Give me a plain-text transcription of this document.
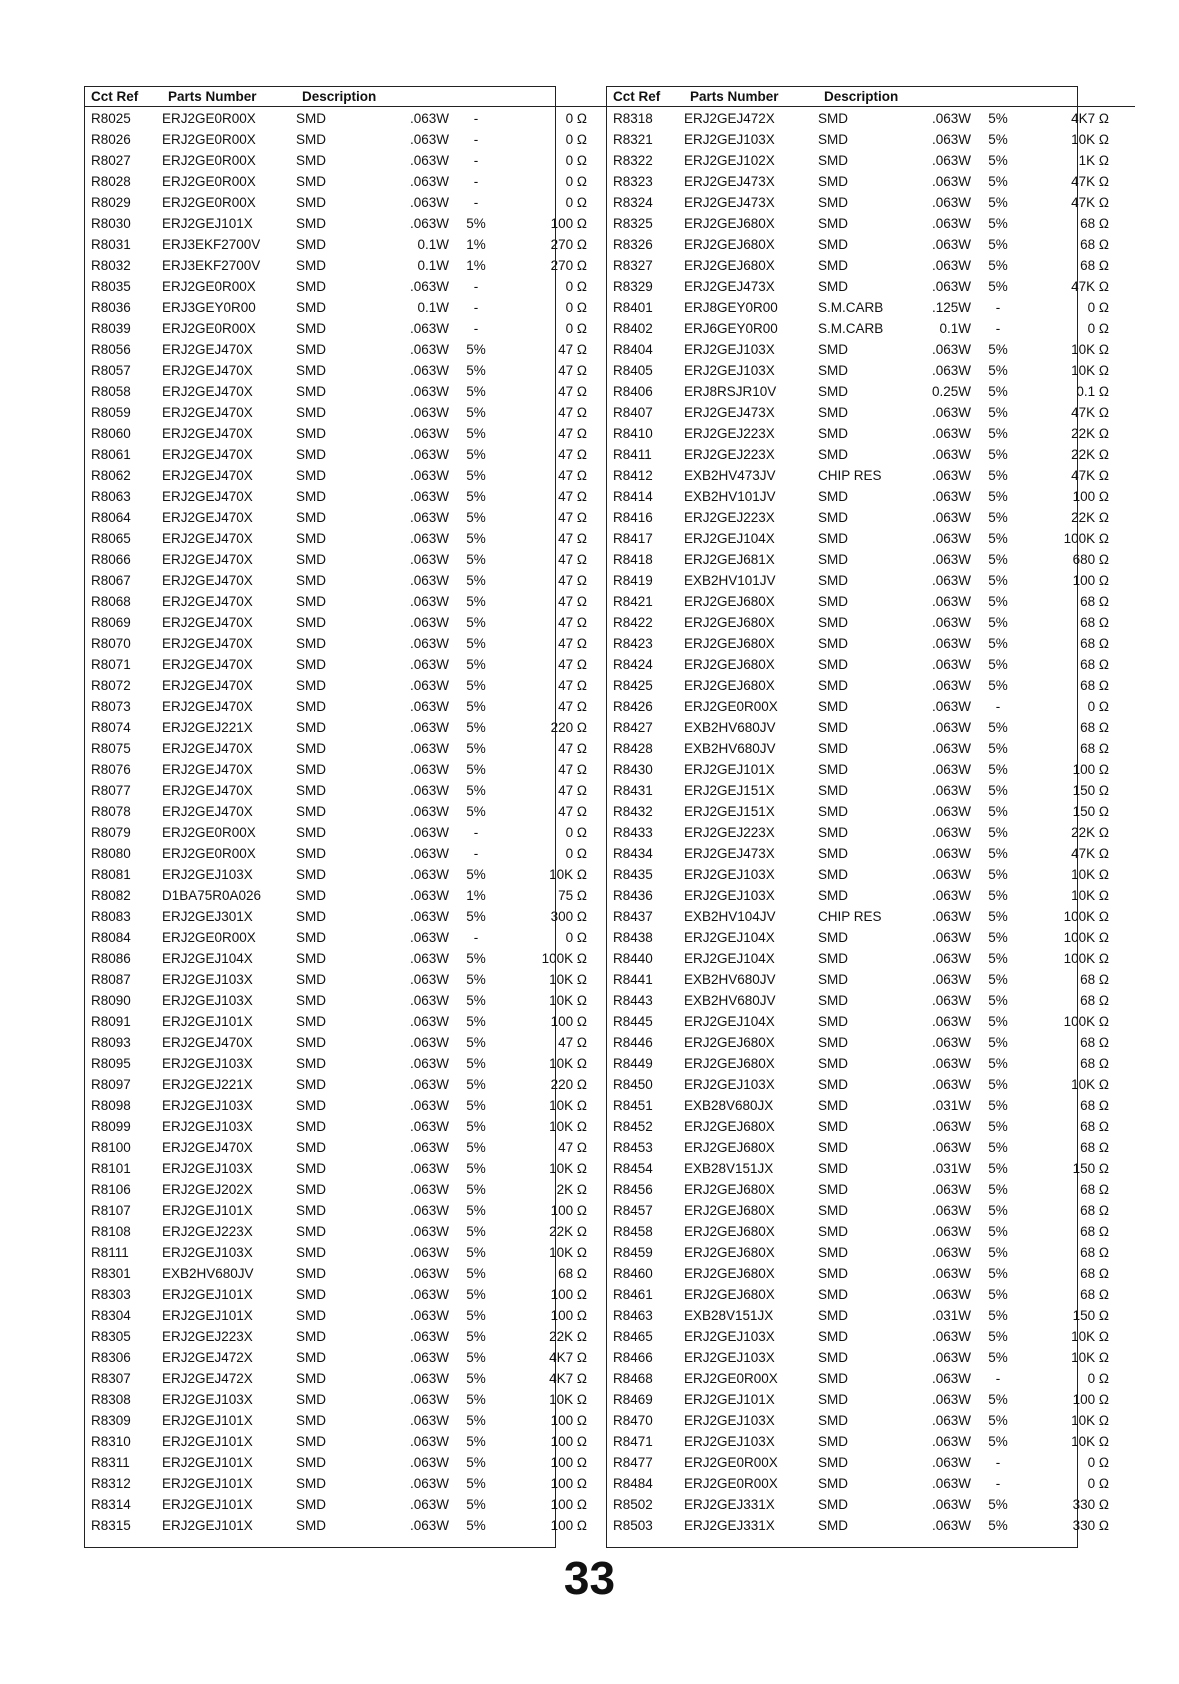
Cct Ref	Parts Number	Description			
R8025	ERJ2GE0R00X	SMD	.063W	-	0 Ω
R8026	ERJ2GE0R00X	SMD	.063W	-	0 Ω
R8027	ERJ2GE0R00X	SMD	.063W	-	0 Ω
R8028	ERJ2GE0R00X	SMD	.063W	-	0 Ω
R8029	ERJ2GE0R00X	SMD	.063W	-	0 Ω
R8030	ERJ2GEJ101X	SMD	.063W	5%	100 Ω
R8031	ERJ3EKF2700V	SMD	0.1W	1%	270 Ω
R8032	ERJ3EKF2700V	SMD	0.1W	1%	270 Ω
R8035	ERJ2GE0R00X	SMD	.063W	-	0 Ω
R8036	ERJ3GEY0R00	SMD	0.1W	-	0 Ω
R8039	ERJ2GE0R00X	SMD	.063W	-	0 Ω
R8056	ERJ2GEJ470X	SMD	.063W	5%	47 Ω
R8057	ERJ2GEJ470X	SMD	.063W	5%	47 Ω
R8058	ERJ2GEJ470X	SMD	.063W	5%	47 Ω
R8059	ERJ2GEJ470X	SMD	.063W	5%	47 Ω
R8060	ERJ2GEJ470X	SMD	.063W	5%	47 Ω
R8061	ERJ2GEJ470X	SMD	.063W	5%	47 Ω
R8062	ERJ2GEJ470X	SMD	.063W	5%	47 Ω
R8063	ERJ2GEJ470X	SMD	.063W	5%	47 Ω
R8064	ERJ2GEJ470X	SMD	.063W	5%	47 Ω
R8065	ERJ2GEJ470X	SMD	.063W	5%	47 Ω
R8066	ERJ2GEJ470X	SMD	.063W	5%	47 Ω
R8067	ERJ2GEJ470X	SMD	.063W	5%	47 Ω
R8068	ERJ2GEJ470X	SMD	.063W	5%	47 Ω
R8069	ERJ2GEJ470X	SMD	.063W	5%	47 Ω
R8070	ERJ2GEJ470X	SMD	.063W	5%	47 Ω
R8071	ERJ2GEJ470X	SMD	.063W	5%	47 Ω
R8072	ERJ2GEJ470X	SMD	.063W	5%	47 Ω
R8073	ERJ2GEJ470X	SMD	.063W	5%	47 Ω
R8074	ERJ2GEJ221X	SMD	.063W	5%	220 Ω
R8075	ERJ2GEJ470X	SMD	.063W	5%	47 Ω
R8076	ERJ2GEJ470X	SMD	.063W	5%	47 Ω
R8077	ERJ2GEJ470X	SMD	.063W	5%	47 Ω
R8078	ERJ2GEJ470X	SMD	.063W	5%	47 Ω
R8079	ERJ2GE0R00X	SMD	.063W	-	0 Ω
R8080	ERJ2GE0R00X	SMD	.063W	-	0 Ω
R8081	ERJ2GEJ103X	SMD	.063W	5%	10K Ω
R8082	D1BA75R0A026	SMD	.063W	1%	75 Ω
R8083	ERJ2GEJ301X	SMD	.063W	5%	300 Ω
R8084	ERJ2GE0R00X	SMD	.063W	-	0 Ω
R8086	ERJ2GEJ104X	SMD	.063W	5%	100K Ω
R8087	ERJ2GEJ103X	SMD	.063W	5%	10K Ω
R8090	ERJ2GEJ103X	SMD	.063W	5%	10K Ω
R8091	ERJ2GEJ101X	SMD	.063W	5%	100 Ω
R8093	ERJ2GEJ470X	SMD	.063W	5%	47 Ω
R8095	ERJ2GEJ103X	SMD	.063W	5%	10K Ω
R8097	ERJ2GEJ221X	SMD	.063W	5%	220 Ω
R8098	ERJ2GEJ103X	SMD	.063W	5%	10K Ω
R8099	ERJ2GEJ103X	SMD	.063W	5%	10K Ω
R8100	ERJ2GEJ470X	SMD	.063W	5%	47 Ω
R8101	ERJ2GEJ103X	SMD	.063W	5%	10K Ω
R8106	ERJ2GEJ202X	SMD	.063W	5%	2K Ω
R8107	ERJ2GEJ101X	SMD	.063W	5%	100 Ω
R8108	ERJ2GEJ223X	SMD	.063W	5%	22K Ω
R8111	ERJ2GEJ103X	SMD	.063W	5%	10K Ω
R8301	EXB2HV680JV	SMD	.063W	5%	68 Ω
R8303	ERJ2GEJ101X	SMD	.063W	5%	100 Ω
R8304	ERJ2GEJ101X	SMD	.063W	5%	100 Ω
R8305	ERJ2GEJ223X	SMD	.063W	5%	22K Ω
R8306	ERJ2GEJ472X	SMD	.063W	5%	4K7 Ω
R8307	ERJ2GEJ472X	SMD	.063W	5%	4K7 Ω
R8308	ERJ2GEJ103X	SMD	.063W	5%	10K Ω
R8309	ERJ2GEJ101X	SMD	.063W	5%	100 Ω
R8310	ERJ2GEJ101X	SMD	.063W	5%	100 Ω
R8311	ERJ2GEJ101X	SMD	.063W	5%	100 Ω
R8312	ERJ2GEJ101X	SMD	.063W	5%	100 Ω
R8314	ERJ2GEJ101X	SMD	.063W	5%	100 Ω
R8315	ERJ2GEJ101X	SMD	.063W	5%	100 Ω
Cct Ref	Parts Number	Description			
R8318	ERJ2GEJ472X	SMD	.063W	5%	4K7 Ω
R8321	ERJ2GEJ103X	SMD	.063W	5%	10K Ω
R8322	ERJ2GEJ102X	SMD	.063W	5%	1K Ω
R8323	ERJ2GEJ473X	SMD	.063W	5%	47K Ω
R8324	ERJ2GEJ473X	SMD	.063W	5%	47K Ω
R8325	ERJ2GEJ680X	SMD	.063W	5%	68 Ω
R8326	ERJ2GEJ680X	SMD	.063W	5%	68 Ω
R8327	ERJ2GEJ680X	SMD	.063W	5%	68 Ω
R8329	ERJ2GEJ473X	SMD	.063W	5%	47K Ω
R8401	ERJ8GEY0R00	S.M.CARB	.125W	-	0 Ω
R8402	ERJ6GEY0R00	S.M.CARB	0.1W	-	0 Ω
R8404	ERJ2GEJ103X	SMD	.063W	5%	10K Ω
R8405	ERJ2GEJ103X	SMD	.063W	5%	10K Ω
R8406	ERJ8RSJR10V	SMD	0.25W	5%	0.1 Ω
R8407	ERJ2GEJ473X	SMD	.063W	5%	47K Ω
R8410	ERJ2GEJ223X	SMD	.063W	5%	22K Ω
R8411	ERJ2GEJ223X	SMD	.063W	5%	22K Ω
R8412	EXB2HV473JV	CHIP RES	.063W	5%	47K Ω
R8414	EXB2HV101JV	SMD	.063W	5%	100 Ω
R8416	ERJ2GEJ223X	SMD	.063W	5%	22K Ω
R8417	ERJ2GEJ104X	SMD	.063W	5%	100K Ω
R8418	ERJ2GEJ681X	SMD	.063W	5%	680 Ω
R8419	EXB2HV101JV	SMD	.063W	5%	100 Ω
R8421	ERJ2GEJ680X	SMD	.063W	5%	68 Ω
R8422	ERJ2GEJ680X	SMD	.063W	5%	68 Ω
R8423	ERJ2GEJ680X	SMD	.063W	5%	68 Ω
R8424	ERJ2GEJ680X	SMD	.063W	5%	68 Ω
R8425	ERJ2GEJ680X	SMD	.063W	5%	68 Ω
R8426	ERJ2GE0R00X	SMD	.063W	-	0 Ω
R8427	EXB2HV680JV	SMD	.063W	5%	68 Ω
R8428	EXB2HV680JV	SMD	.063W	5%	68 Ω
R8430	ERJ2GEJ101X	SMD	.063W	5%	100 Ω
R8431	ERJ2GEJ151X	SMD	.063W	5%	150 Ω
R8432	ERJ2GEJ151X	SMD	.063W	5%	150 Ω
R8433	ERJ2GEJ223X	SMD	.063W	5%	22K Ω
R8434	ERJ2GEJ473X	SMD	.063W	5%	47K Ω
R8435	ERJ2GEJ103X	SMD	.063W	5%	10K Ω
R8436	ERJ2GEJ103X	SMD	.063W	5%	10K Ω
R8437	EXB2HV104JV	CHIP RES	.063W	5%	100K Ω
R8438	ERJ2GEJ104X	SMD	.063W	5%	100K Ω
R8440	ERJ2GEJ104X	SMD	.063W	5%	100K Ω
R8441	EXB2HV680JV	SMD	.063W	5%	68 Ω
R8443	EXB2HV680JV	SMD	.063W	5%	68 Ω
R8445	ERJ2GEJ104X	SMD	.063W	5%	100K Ω
R8446	ERJ2GEJ680X	SMD	.063W	5%	68 Ω
R8449	ERJ2GEJ680X	SMD	.063W	5%	68 Ω
R8450	ERJ2GEJ103X	SMD	.063W	5%	10K Ω
R8451	EXB28V680JX	SMD	.031W	5%	68 Ω
R8452	ERJ2GEJ680X	SMD	.063W	5%	68 Ω
R8453	ERJ2GEJ680X	SMD	.063W	5%	68 Ω
R8454	EXB28V151JX	SMD	.031W	5%	150 Ω
R8456	ERJ2GEJ680X	SMD	.063W	5%	68 Ω
R8457	ERJ2GEJ680X	SMD	.063W	5%	68 Ω
R8458	ERJ2GEJ680X	SMD	.063W	5%	68 Ω
R8459	ERJ2GEJ680X	SMD	.063W	5%	68 Ω
R8460	ERJ2GEJ680X	SMD	.063W	5%	68 Ω
R8461	ERJ2GEJ680X	SMD	.063W	5%	68 Ω
R8463	EXB28V151JX	SMD	.031W	5%	150 Ω
R8465	ERJ2GEJ103X	SMD	.063W	5%	10K Ω
R8466	ERJ2GEJ103X	SMD	.063W	5%	10K Ω
R8468	ERJ2GE0R00X	SMD	.063W	-	0 Ω
R8469	ERJ2GEJ101X	SMD	.063W	5%	100 Ω
R8470	ERJ2GEJ103X	SMD	.063W	5%	10K Ω
R8471	ERJ2GEJ103X	SMD	.063W	5%	10K Ω
R8477	ERJ2GE0R00X	SMD	.063W	-	0 Ω
R8484	ERJ2GE0R00X	SMD	.063W	-	0 Ω
R8502	ERJ2GEJ331X	SMD	.063W	5%	330 Ω
R8503	ERJ2GEJ331X	SMD	.063W	5%	330 Ω
33
